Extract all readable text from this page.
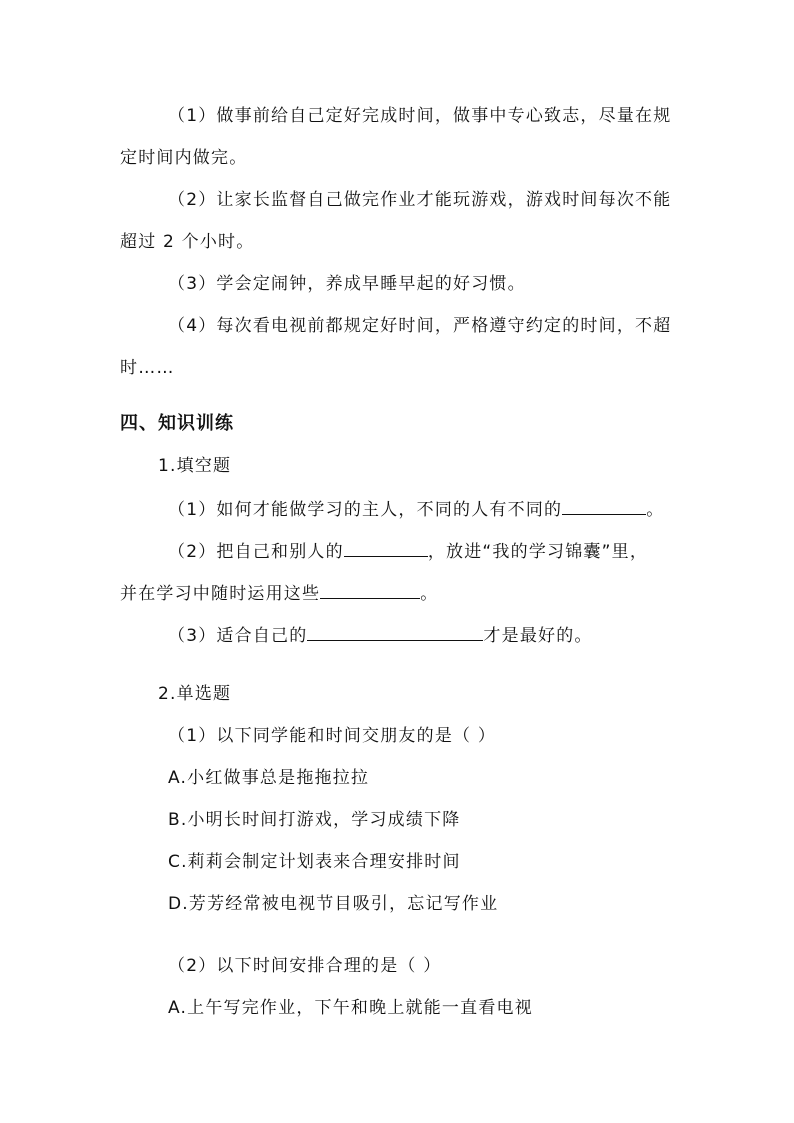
（1）做事前给自己定好完成时间，做事中专心致志，尽量在规
定时间内做完。
（2）让家长监督自己做完作业才能玩游戏，游戏时间每次不能
超过 2 个小时。
（3）学会定闹钟，养成早睡早起的好习惯。
（4）每次看电视前都规定好时间，严格遵守约定的时间，不超
时……
四、知识训练
1.填空题
（1）如何才能做学习的主人，不同的人有不同的	。
（2）把自己和别人的	，放进“我的学习锦囊”里，
并在学习中随时运用这些	。
（3）适合自己的	才是最好的。
2.单选题
（1）以下同学能和时间交朋友的是（ ）
A.小红做事总是拖拖拉拉
B.小明长时间打游戏，学习成绩下降
C.莉莉会制定计划表来合理安排时间
D.芳芳经常被电视节目吸引，忘记写作业
（2）以下时间安排合理的是（ ）
A.上午写完作业，下午和晚上就能一直看电视
